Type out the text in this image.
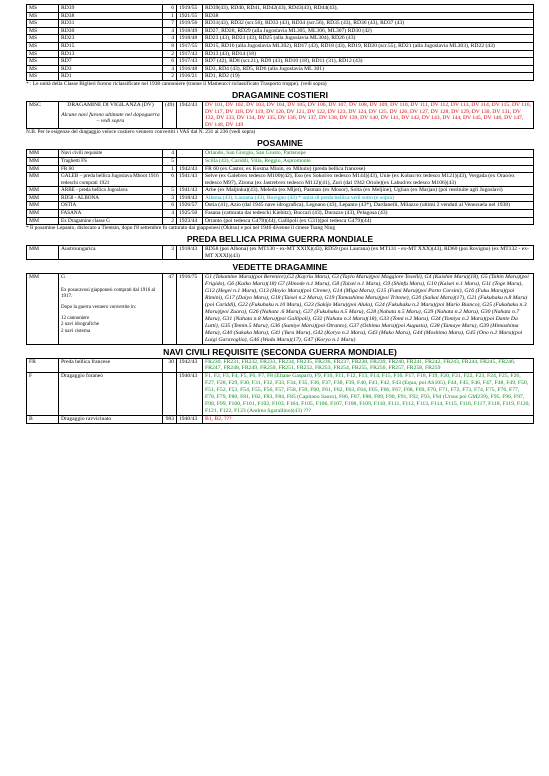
MS	RD39	6	1919/55	RD39(43), RD40, RD41, RD42(43), RD43(43), RD44(43),
MS	RD38	1	1921/55	RD38
MS	RD31	7	1919/56	RD31(43), RD32 (scr.56), RD33 (43), RD34 (scr.56), RD35 (43), RD36 (43), RD37 (43)
MS	RD30	4	1918/49	RD27, RD28, RD29 (alla Jugoslavia ML305, ML306, ML307) RD30 (42)
MS	RD23	4	1918/48	RD23 (43), RD24 (43), RD25 (alla Jugoslavia ML304), RD26 (43)
MS	RD15	8	1917/55	RD15, RD16 (alla Jugoslavia ML302), RD17 (43), RD18 (43), RD19, RD20 (scr.55), RD21 (alla Jugoslavia ML303), RD22 (43)
MS	RD13	2	1917/43	RD13 (43), RD14 (18)
MS	RD7	6	1917/43	RD7 (42), RD8 (scr.21), RD9 (43), RD10 (18), RD11 (31), RD12 (43)
MS	RD3	4	1916/48	RD3, RD4 (43), RD5, RD6 (alla Jugoslavia ML 301)
MS	RD1	2	1916/21	RD1, RD2 (19)
* : Le unità della Classe Biglieri furono riclassificate nel 1938 cannoniere (tranne il Mameucci riclassificato Trasporto truppe). (vedi sopra)
DRAGAMINE COSTIERI
MSC	DRAGAMINE DI VIGILANZA (DV)
Alcune navi furono ultimate nel dopoguerra – vedi sopra
	(49)	1942/43	DV 101, DV 102, DV 103, DV 104, DV 105, DV 106, DV 107, DV 108, DV 109, DV 110, DV 111, DV 112, DV 113, DV 114, DV 115, DV 116, DV 117, DV 118, DV 119, DV 120, DV 121, DV 122, DV 123, DV 124, DV 125, DV 126, DV 127, DV 128, DV 129, DV 130, DV 131, DV 132, DV 133, DV 134, DV 135, DV 136, DV 137, DV 138, DV 139, DV 140, DV 141, DV 142, DV 143, DV 144, DV 145, DV 146, DV 147, DV 148, DV 149
N.B. Per le esigenze del dragaggio veloce costiero vennero convertiti i VAS dal N. 231 al 236 (vedi sopra)
POSAMINE
MM	Navi civili requisite	4		Orlando, San Giorgio, San Giusto, Partenope
MM	Traghetti FS	5		Scilla (43), Cariddi, Villa, Reggio, Aspromonte
MM	FR 60	1	1942/43	FR 60 (ex Castor, ex Kosma Minin, ex Mlhulu) (preda bellica francese)
MM	GALEB – preda bellica Jugoslava Mboot 1916 tedeschi comprati 1921	6	1941/43	Selve (ex Galeb/ex tedesco M100)(42), Eso (ex Sokol/ex tedesco M144)(43), Unie (ex Kobac/ex tedesco M121)(43), Vergada (ex Orao/ex tedesco M97), Zirona (ex Jastreb/ex tedesco M112)(41), Zuri (dal 1942 Oriole)(ex Labud/ex tedesco M106)(43)
MM	ARBE - preda bellica Jugoslava	5	1941/43	Arbe (ex Maljinka)(43), Meleda (ex Mljet), Pasman (ex Mosor), Solta (ex Meljine), Uglian (ex Marjan) (poi restituite agli Jugoslavi)
MM	RD58 - ALBONA	3	1918/43	Albona (43), Laurana (43), Rovigno (43) * unità di preda bellica vedi sotto (e sopra)
MM	OSTIA	6	1926/57	Ostia (41), Azio (dal 1945 nave idrografica), Legnano (43), Lepanto (43*), Dardanelli, Milazzo (ultimi 2 venduti al Venezuela nel 1938)
MM	FASANA	4	1925/50	Fasana (catturata dai tedeschi Kiebitz), Buccari (43), Durazzo (43), Pelagosa (43)
MM	Ex Dragamine classe G	2	1923/44	Otranto (poi tedesca G478)(44), Gallipoli (ex G31)(poi tedesca G479)(44)
* Il posamine Lepanto, dislocato a Tientsin, dopo l'8 settembre fu catturato dai giapponesi (Okitsu) e poi nel 1946 divenne il cinese Tsang Ning
PREDA BELLICA PRIMA GUERRA MONDIALE
MM	Austroungarica	3	1918/43	RD58 (poi Albona) (ex MT130 - ex-MT XXIX)(43), RD59 (poi Laurana) (ex MT131 - ex-MT XXX)(43), RD60 (poi Rovigno) (ex MT132 - ex-MT XXXI)(43)
VEDETTE DRAGAMINE
MM	G
Ex posacavosi giapponesi comprati dal 1916 al 1917.
Dopo la guerra vennero convertite in:
12 cannoniere
2 navi idrografiche
2 navi cisterna
	47	1916/75	G1 (Takamine Maru)(poi Berenice),G2 (Kayriu Maru), G3 (Tayio Maru)(poi Maggiore Toselli), G4 (Kaishin Maru)(18), G5 (Tahin Maru)(poi Frigido), G6 (Kaiko Maru)(18) G7 (Hinode n.1 Maru), G8 (Taisei n.1 Maru), G9 (Shinfu Maru), G10 (Kaisei n.1 Maru), G11 (Toge Maru), G12 (Hegei n.1 Maru), G13 (Hoyio Maru)(poi Cirene), G14 (Miga Maru), G15 (Fumi Maru)(poi Porto Corsini), G16 (Fuku Maru)(poi Rimini), G17 (Daiyo Maru), G18 (Taisei n.2 Maru), G19 (Tamashima Maru)(poi Tritone), G20 (Saikai Maru)(17), G21 (Fukuhaku n.8 Maru)(poi Cariddi), G22 (Fukuhaku n.10 Maru), G23 (Sakijo Maru)(poi Alula), G24 (Fukuhaku n.2 Maru)(poi Mario Bianco), G25 (Fukuhaku n.3 Maru)(poi Zuara), G26 (Nahata .6 Maru), G27 (Fukuhaku n.5 Maru), G28 (Nahata n.5 Maru), G29 (Nahata n.2 Maru), G30 (Nahata n.7 Maru), G31 (Nahata n.8 Maru)(poi Gallipoli), G32 (Nahata n.3 Maru)(18), G33 (Tomi n.2 Maru), G34 (Tomiya n.2 Maru)(poi Dante Da Lutti), G35 (Temin.5 Maru), G36 (Sumiye Maru)(poi Otranto), G37 (Oshima Maru)(poi Augusta), G38 (Tamaye Maru), G39 (Himashima Maru), G40 (Sakaka Maru), G41 (Yura Maru), G42 (Koryo n.2 Maru), G43 (Muko Maru), G44 (Moshima Maru), G45 (Ono n.2 Maru)(poi Luigi Garavoglia), G46 (Wadu Maru)(17), G47 (Koryo n.1 Maru)
NAVI CIVILI REQUISITE (SECONDA GUERRA MONDIALE)
FR	Preda bellica francese	30	1942/43	FR230, FR231, FR232, FR233, FR234, FR235, FR236, FR237, FR238, FR239, FR240, FR241, FR242, FR243, FR244, FR245, FR246, FR247, FR248, FR249, FR250, FR251, FR252, FR253, FR254, FR255, FR256, FR257, FR258, FR259
F	Dragaggio foraneo		1940/43	F1, F2, F3, F4, F5, F6, F7, F8 (Eliane Gaspari), F9, F10, F11, F12, F13, F14, F15, F16, F17, F18, F19, F20, F21, F22, F23, F24, F25, F26, F27, F28, F29, F30, F31, F32, F33, F34, F35, F36, F37, F38, F39, F40, F41, F42, F43 (Equa, poi AS105), F44, F45, F46, F47, F48, F49, F50, F51, F52, F53, F54, F55, F56, F57, F58, F59, F60, F61, F62, F63, F64, F65, F66, F67, F68, F69, F70, F71, F72, F73, F74, F75, F76, F77, F78, F79, F80, F81, F82, F83, F84, F85 (Capitano Sauro), F86, F87, F88, F89, F90, F91, F92, F93, F94 (Ursus poi GM239), F95, F96, F97, F98, F99, F100, F101, F102, F103, F104, F105, F106, F107, F108, F109, F110, F111, F112, F113, F114, F115, F116, F117, F118, F119, F120, F121, F122, F123 (Andrea Sgarallino)(43) ???
B	Dragaggio ravvicinato	983	1940/43	B1, B2, ???
